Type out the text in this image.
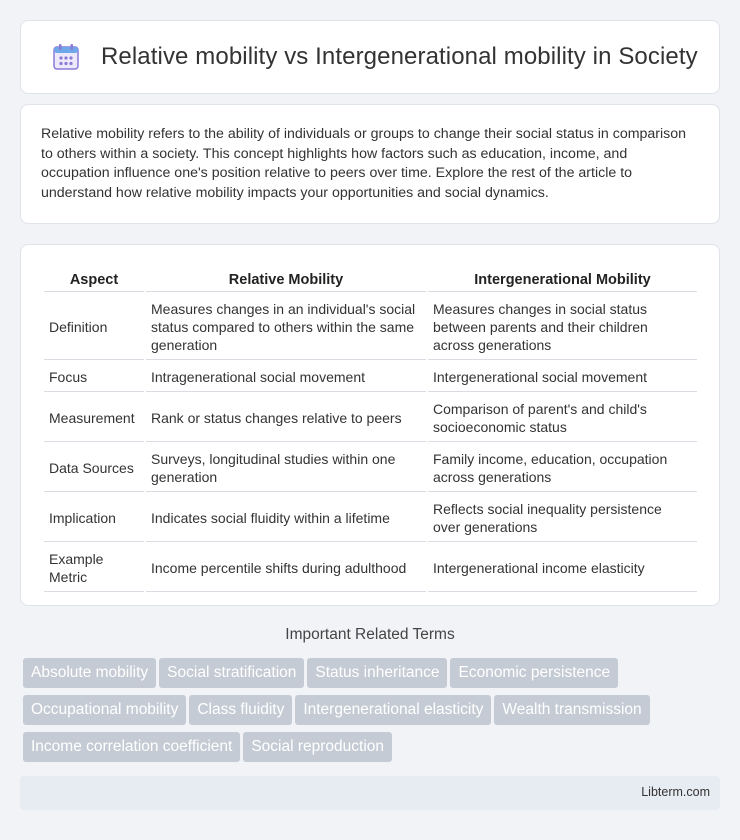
Relative mobility vs Intergenerational mobility in Society

Relative mobility refers to the ability of individuals or groups to change their social status in comparison to others within a society. This concept highlights how factors such as education, income, and occupation influence one's position relative to peers over time. Explore the rest of the article to understand how relative mobility impacts your opportunities and social dynamics.

Aspect	Relative Mobility	Intergenerational Mobility
Definition	Measures changes in an individual's social status compared to others within the same generation	Measures changes in social status between parents and their children across generations
Focus	Intragenerational social movement	Intergenerational social movement
Measurement	Rank or status changes relative to peers	Comparison of parent's and child's socioeconomic status
Data Sources	Surveys, longitudinal studies within one generation	Family income, education, occupation across generations
Implication	Indicates social fluidity within a lifetime	Reflects social inequality persistence over generations
Example Metric	Income percentile shifts during adulthood	Intergenerational income elasticity
Important Related Terms
Absolute mobility Social stratification Status inheritance Economic persistence
Occupational mobility Class fluidity Intergenerational elasticity Wealth transmission
Income correlation coefficient Social reproduction
Libterm.com
